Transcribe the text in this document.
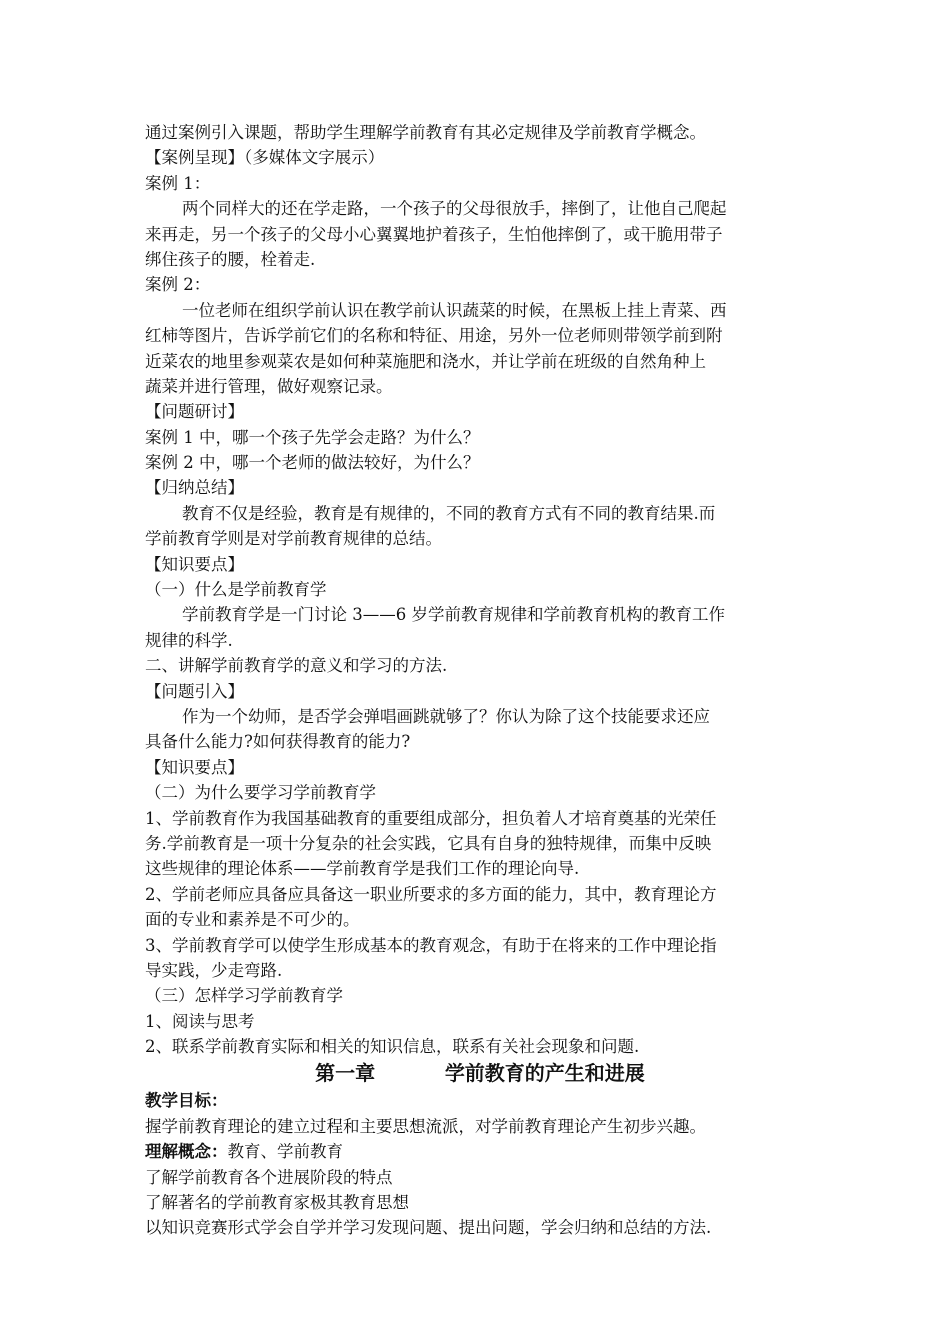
通过案例引入课题，帮助学生理解学前教育有其必定规律及学前教育学概念。
【案例呈现】（多媒体文字展示）
案例 1：
两个同样大的还在学走路，一个孩子的父母很放手，摔倒了，让他自己爬起
来再走，另一个孩子的父母小心翼翼地护着孩子，生怕他摔倒了，或干脆用带子
绑住孩子的腰，栓着走.
案例 2：
一位老师在组织学前认识在教学前认识蔬菜的时候，在黑板上挂上青菜、西
红柿等图片，告诉学前它们的名称和特征、用途，另外一位老师则带领学前到附
近菜农的地里参观菜农是如何种菜施肥和浇水，并让学前在班级的自然角种上
蔬菜并进行管理，做好观察记录。
【问题研讨】
案例 1 中，哪一个孩子先学会走路？为什么？
案例 2 中，哪一个老师的做法较好，为什么？
【归纳总结】
教育不仅是经验，教育是有规律的，不同的教育方式有不同的教育结果.而
学前教育学则是对学前教育规律的总结。
【知识要点】
（一）什么是学前教育学
学前教育学是一门讨论 3——6 岁学前教育规律和学前教育机构的教育工作
规律的科学.
二、讲解学前教育学的意义和学习的方法.
【问题引入】
作为一个幼师，是否学会弹唱画跳就够了？你认为除了这个技能要求还应
具备什么能力?如何获得教育的能力?
【知识要点】
（二）为什么要学习学前教育学
1、学前教育作为我国基础教育的重要组成部分，担负着人才培育奠基的光荣任
务.学前教育是一项十分复杂的社会实践，它具有自身的独特规律，而集中反映
这些规律的理论体系——学前教育学是我们工作的理论向导.
2、学前老师应具备应具备这一职业所要求的多方面的能力，其中，教育理论方
面的专业和素养是不可少的。
3、学前教育学可以使学生形成基本的教育观念，有助于在将来的工作中理论指
导实践，少走弯路.
（三）怎样学习学前教育学
1、阅读与思考
2、联系学前教育实际和相关的知识信息，联系有关社会现象和问题.
第一章	学前教育的产生和进展
教学目标：
握学前教育理论的建立过程和主要思想流派，对学前教育理论产生初步兴趣。
理解概念：教育、学前教育
了解学前教育各个进展阶段的特点
了解著名的学前教育家极其教育思想
以知识竞赛形式学会自学并学习发现问题、提出问题，学会归纳和总结的方法.
